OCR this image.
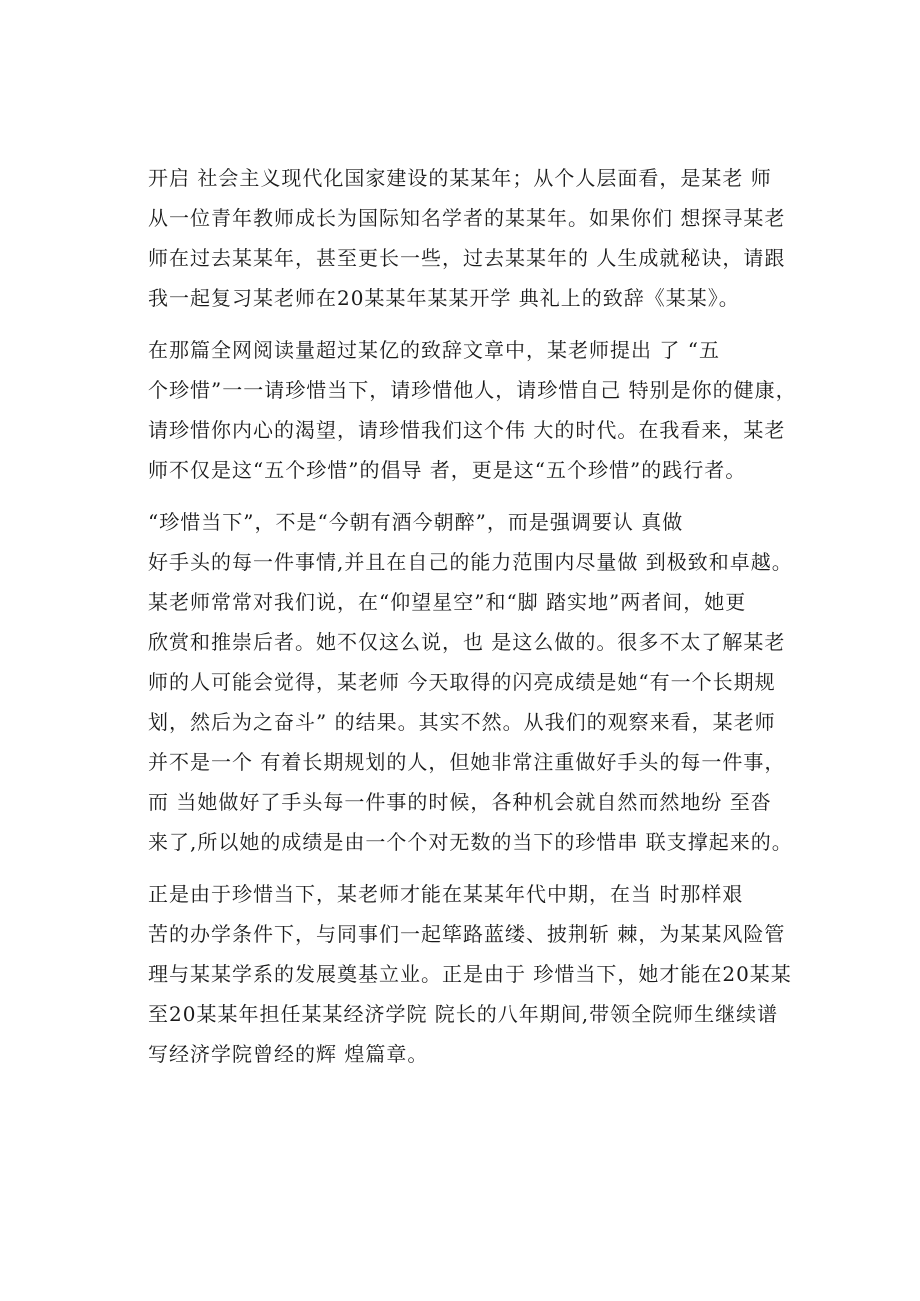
开启 社会主义现代化国家建设的某某年；从个人层面看，是某老 师
从一位青年教师成长为国际知名学者的某某年。如果你们 想探寻某老
师在过去某某年，甚至更长一些，过去某某年的 人生成就秘诀，请跟
我一起复习某老师在20某某年某某开学 典礼上的致辞《某某》。
在那篇全网阅读量超过某亿的致辞文章中，某老师提出 了 “五
个珍惜”一一请珍惜当下，请珍惜他人，请珍惜自己 特别是你的健康，
请珍惜你内心的渴望，请珍惜我们这个伟 大的时代。在我看来，某老
师不仅是这“五个珍惜”的倡导 者，更是这“五个珍惜”的践行者。
“珍惜当下”，不是“今朝有酒今朝醉”，而是强调要认 真做
好手头的每一件事情,并且在自己的能力范围内尽量做 到极致和卓越。
某老师常常对我们说，在“仰望星空”和“脚 踏实地”两者间，她更
欣赏和推崇后者。她不仅这么说，也 是这么做的。很多不太了解某老
师的人可能会觉得，某老师 今天取得的闪亮成绩是她“有一个长期规
划，然后为之奋斗” 的结果。其实不然。从我们的观察来看，某老师
并不是一个 有着长期规划的人，但她非常注重做好手头的每一件事，
而 当她做好了手头每一件事的时候，各种机会就自然而然地纷 至沓
来了,所以她的成绩是由一个个对无数的当下的珍惜串 联支撑起来的。
正是由于珍惜当下，某老师才能在某某年代中期，在当 时那样艰
苦的办学条件下，与同事们一起筚路蓝缕、披荆斩 棘，为某某风险管
理与某某学系的发展奠基立业。正是由于 珍惜当下，她才能在20某某
至20某某年担任某某经济学院 院长的八年期间,带领全院师生继续谱
写经济学院曾经的辉 煌篇章。
